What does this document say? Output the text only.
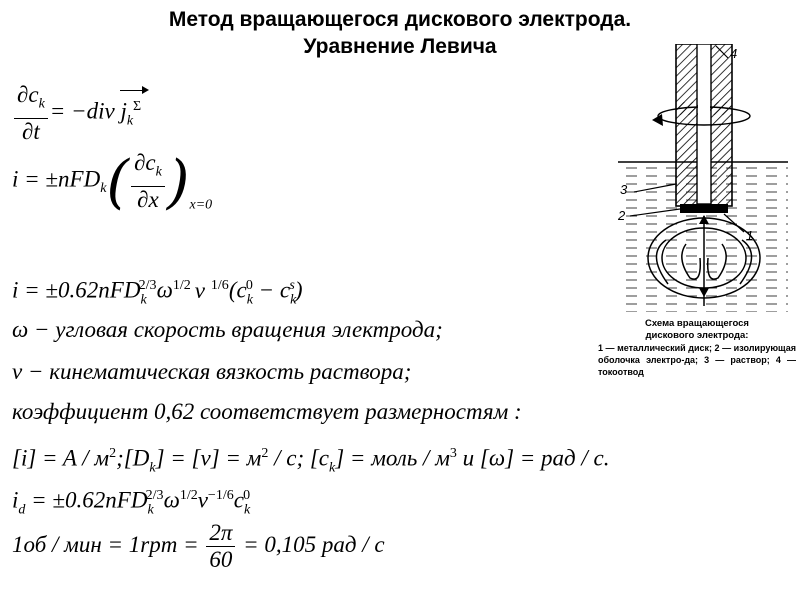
Метод вращающегося дискового электрода.
Уравнение Левича
$\frac{\partial c_k}{\partial t} = -div$ $j_k^\Sigma$
$i = \pm nFD_k( \frac{\partial c_k}{\partial x} )_{x=0}$
$i = \pm 0.62nFD_k^{2/3}\omega^{1/2}$ ν $^{1/6}(c_k^0 - c_k^s)$
ω − угловая скорость вращения электрода;
ν − кинематическая вязкость раствора;
коэффициент 0,62 соответствует размерностям :
$[i] = A / м^2;[D_k] = [\nu] = м^2 / с$; $[c_k]$ = моль / $м^3$ и [ω] = рад / с.
$i_d = \pm 0.62nFD_k^{2/3}\omega^{1/2}\nu^{-1/6}c_k^0$
1об / мин = $1rpm = \frac{2\pi}{60} = 0,105$ рад / с
4
3
2
1
Схема вращающегося
дискового электрода:
1 — металлический диск; 2 — изолирующая оболочка электро-да; 3 — раствор; 4 — токоотвод
